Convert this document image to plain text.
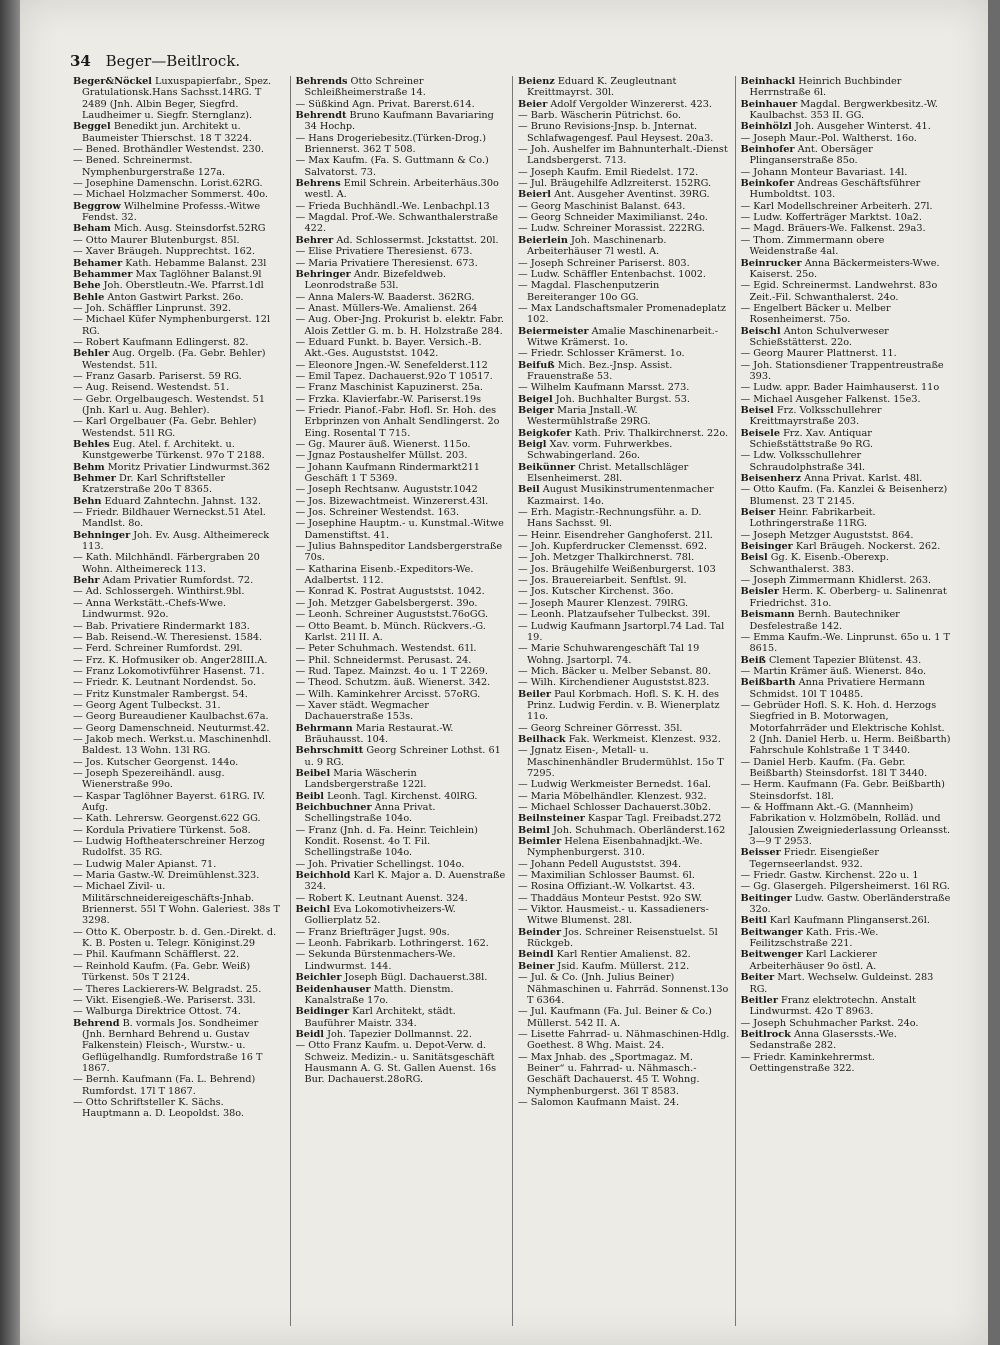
34 Beger—Beitlrock.

Beger&Nöckel Luxuspapierfabr., Spez. Gratulationsk.Hans Sachsst.14RG. T 2489 (Jnh. Albin Beger, Siegfrd. Laudheimer u. Siegfr. Sternglanz).

Beggel Benedikt jun. Architekt u. Baumeister Thierschst. 18 T 3224.

— Bened. Brothändler Westendst. 230.

— Bened. Schreinermst. Nymphenburgerstraße 127a.

— Josephine Damenschn. Lorist.62RG.

— Michael Holzmacher Sommerst. 40o.

Beggrow Wilhelmine Professs.-Witwe Fendst. 32.

Beham Mich. Ausg. Steinsdorfst.52RG

— Otto Maurer Blutenburgst. 85l.

— Xaver Bräugeh. Nupprechtst. 162.

Behamer Kath. Hebamme Balanst. 23l

Behammer Max Taglöhner Balanst.9l

Behe Joh. Oberstleutn.-We. Pfarrst.1dl

Behle Anton Gastwirt Parkst. 26o.

— Joh. Schäffler Linprunst. 392.

— Michael Küfer Nymphenburgerst. 12l RG.

— Robert Kaufmann Edlingerst. 82.

Behler Aug. Orgelb. (Fa. Gebr. Behler) Westendst. 51l.

— Franz Gasarb. Pariserst. 59 RG.

— Aug. Reisend. Westendst. 51.

— Gebr. Orgelbaugesch. Westendst. 51 (Jnh. Karl u. Aug. Behler).

— Karl Orgelbauer (Fa. Gebr. Behler) Westendst. 51l RG.

Behles Eug. Atel. f. Architekt. u. Kunstgewerbe Türkenst. 97o T 2188.

Behm Moritz Privatier Lindwurmst.362

Behmer Dr. Karl Schriftsteller Kratzerstraße 20o T 8365.

Behn Eduard Zahntechn. Jahnst. 132.

— Friedr. Bildhauer Werneckst.51 Atel. Mandlst. 8o.

Behninger Joh. Ev. Ausg. Altheimereck 113.

— Kath. Milchhändl. Färbergraben 20 Wohn. Altheimereck 113.

Behr Adam Privatier Rumfordst. 72.

— Ad. Schlossergeh. Winthirst.9bl.

— Anna Werkstätt.-Chefs-Wwe. Lindwurmst. 92o.

— Bab. Privatiere Rindermarkt 183.

— Bab. Reisend.-W. Theresienst. 1584.

— Ferd. Schreiner Rumfordst. 29l.

— Frz. K. Hofmusiker ob. Anger28III.A.

— Franz Lokomotivführer Hasenst. 71.

— Friedr. K. Leutnant Nordendst. 5o.

— Fritz Kunstmaler Rambergst. 54.

— Georg Agent Tulbeckst. 31.

— Georg Bureaudiener Kaulbachst.67a.

— Georg Damenschneid. Neuturmst.42.

— Jakob mech. Werkst.u. Maschinenhdl. Baldest. 13 Wohn. 13l RG.

— Jos. Kutscher Georgenst. 144o.

— Joseph Spezereihändl. ausg. Wienerstraße 99o.

— Kaspar Taglöhner Bayerst. 61RG. IV. Aufg.

— Kath. Lehrersw. Georgenst.622 GG.

— Kordula Privatiere Türkenst. 5o8.

— Ludwig Hoftheaterschreiner Herzog Rudolfst. 35 RG.

— Ludwig Maler Apianst. 71.

— Maria Gastw.-W. Dreimühlenst.323.

— Michael Zivil- u. Militärschneidereigeschäfts-Jnhab. Briennerst. 55l T Wohn. Galeriest. 38s T 3298.

— Otto K. Oberpostr. b. d. Gen.-Direkt. d. K. B. Posten u. Telegr. Königinst.29

— Phil. Kaufmann Schäfflerst. 22.

— Reinhold Kaufm. (Fa. Gebr. Weiß) Türkenst. 50s T 2124.

— Theres Lackierers-W. Belgradst. 25.

— Vikt. Eisengieß.-We. Pariserst. 33l.

— Walburga Direktrice Ottost. 74.

Behrend B. vormals Jos. Sondheimer (Jnh. Bernhard Behrend u. Gustav Falkenstein) Fleisch-, Wurstw.- u. Geflügelhandlg. Rumfordstraße 16 T 1867.

— Bernh. Kaufmann (Fa. L. Behrend) Rumfordst. 17l T 1867.

— Otto Schriftsteller K. Sächs. Hauptmann a. D. Leopoldst. 38o.

Behrends Otto Schreiner Schleißheimerstraße 14.

— Süßkind Agn. Privat. Barerst.614.

Behrendt Bruno Kaufmann Bavariaring 34 Hochp.

— Hans Drogeriebesitz.(Türken-Drog.) Briennerst. 362 T 508.

— Max Kaufm. (Fa. S. Guttmann & Co.) Salvatorst. 73.

Behrens Emil Schrein. Arbeiterhäus.30o westl. A.

— Frieda Buchhändl.-We. Lenbachpl.13

— Magdal. Prof.-We. Schwanthalerstraße 422.

Behrer Ad. Schlossermst. Jckstattst. 20l.

— Elise Privatiere Theresienst. 673.

— Maria Privatiere Theresienst. 673.

Behringer Andr. Bizefeldweb. Leonrodstraße 53l.

— Anna Malers-W. Baaderst. 362RG.

— Anast. Müllers-We. Amalienst. 264

— Aug. Ober-Jng. Prokurist b. elektr. Fabr. Alois Zettler G. m. b. H. Holzstraße 284.

— Eduard Funkt. b. Bayer. Versich.-B. Akt.-Ges. Auguststst. 1042.

— Eleonore Jngen.-W. Senefelderst.112

— Emil Tapez. Dachauerst.92o T 10517.

— Franz Maschinist Kapuzinerst. 25a.

— Frzka. Klavierfabr.-W. Pariserst.19s

— Friedr. Pianof.-Fabr. Hofl. Sr. Hoh. des Erbprinzen von Anhalt Sendlingerst. 2o Eing. Rosental T 715.

— Gg. Maurer äuß. Wienerst. 115o.

— Jgnaz Postaushelfer Müllst. 203.

— Johann Kaufmann Rindermarkt211 Geschäft 1 T 5369.

— Joseph Rechtsanw. Auguststr.1042

— Jos. Bizewachtmeist. Winzererst.43l.

— Jos. Schreiner Westendst. 163.

— Josephine Hauptm.- u. Kunstmal.-Witwe Damenstiftst. 41.

— Julius Bahnspeditor Landsbergerstraße 70s.

— Katharina Eisenb.-Expeditors-We. Adalbertst. 112.

— Konrad K. Postrat Auguststst. 1042.

— Joh. Metzger Gabelsbergerst. 39o.

— Leonh. Schreiner Auguststst.76oGG.

— Otto Beamt. b. Münch. Rückvers.-G. Karlst. 21l II. A.

— Peter Schuhmach. Westendst. 61l.

— Phil. Schneidermst. Perusast. 24.

— Rud. Tapez. Mainzst. 4o u. 1 T 2269.

— Theod. Schutzm. äuß. Wienerst. 342.

— Wilh. Kaminkehrer Arcisst. 57oRG.

— Xaver städt. Wegmacher Dachauerstraße 153s.

Behrmann Maria Restaurat.-W. Bräuhausst. 104.

Behrschmitt Georg Schreiner Lothst. 61 u. 9 RG.

Beibel Maria Wäscherin Landsbergerstraße 122l.

Beibl Leonh. Tagl. Kirchenst. 40lRG.

Beichbuchner Anna Privat. Schellingstraße 104o.

— Franz (Jnh. d. Fa. Heinr. Teichlein) Kondit. Rosenst. 4o T. Fil. Schellingstraße 104o.

— Joh. Privatier Schellingst. 104o.

Beichhold Karl K. Major a. D. Auenstraße 324.

— Robert K. Leutnant Auenst. 324.

Beichl Eva Lokomotivheizers-W. Gollierplatz 52.

— Franz Briefträger Jugst. 90s.

— Leonh. Fabrikarb. Lothringerst. 162.

— Sekunda Bürstenmachers-We. Lindwurmst. 144.

Beichler Joseph Bügl. Dachauerst.38l.

Beidenhauser Matth. Dienstm. Kanalstraße 17o.

Beidinger Karl Architekt, städt. Bauführer Maistr. 334.

Beidl Joh. Tapezier Dollmannst. 22.

— Otto Franz Kaufm. u. Depot-Verw. d. Schweiz. Medizin.- u. Sanitätsgeschäft Hausmann A. G. St. Gallen Auenst. 16s Bur. Dachauerst.28oRG.

Beienz Eduard K. Zeugleutnant Kreittmayrst. 30l.

Beier Adolf Vergolder Winzererst. 423.

— Barb. Wäscherin Pütrichst. 6o.

— Bruno Revisions-Jnsp. b. Jnternat. Schlafwagengesf. Paul Heysest. 20a3.

— Joh. Aushelfer im Bahnunterhalt.-Dienst Landsbergerst. 713.

— Joseph Kaufm. Emil Riedelst. 172.

— Jul. Bräugehilfe Adlzreiterst. 152RG.

Beierl Ant. Ausgeher Aventinst. 39RG.

— Georg Maschinist Balanst. 643.

— Georg Schneider Maximilianst. 24o.

— Ludw. Schreiner Morassist. 222RG.

Beierlein Joh. Maschinenarb. Arbeiterhäuser 7l westl. A.

— Joseph Schreiner Pariserst. 803.

— Ludw. Schäffler Entenbachst. 1002.

— Magdal. Flaschenputzerin Bereiteranger 10o GG.

— Max Landschaftsmaler Promenadeplatz 102.

Beiermeister Amalie Maschinenarbeit.-Witwe Krämerst. 1o.

— Friedr. Schlosser Krämerst. 1o.

Beifuß Mich. Bez.-Jnsp. Assist. Frauenstraße 53.

— Wilhelm Kaufmann Marsst. 273.

Beigel Joh. Buchhalter Burgst. 53.

Beiger Maria Jnstall.-W. Westermühlstraße 29RG.

Beigkofer Kath. Priv. Thalkirchnerst. 22o.

Beigl Xav. vorm. Fuhrwerkbes. Schwabingerland. 26o.

Beikünner Christ. Metallschläger Elsenheimerst. 28l.

Beil August Musikinstrumentenmacher Kazmairst. 14o.

— Erh. Magistr.-Rechnungsführ. a. D. Hans Sachsst. 9l.

— Heinr. Eisendreher Ganghoferst. 21l.

— Joh. Kupferdrucker Clemensst. 692.

— Joh. Metzger Thalkirchnerst. 78l.

— Jos. Bräugehilfe Weißenburgerst. 103

— Jos. Brauereiarbeit. Senftlst. 9l.

— Jos. Kutscher Kirchenst. 36o.

— Joseph Maurer Klenzest. 79lRG.

— Leonh. Platzaufseher Tulbeckst. 39l.

— Ludwig Kaufmann Jsartorpl.74 Lad. Tal 19.

— Marie Schuhwarengeschäft Tal 19 Wohng. Jsartorpl. 74.

— Mich. Bäcker u. Melber Sebanst. 80.

— Wilh. Kirchendiener Auguststst.823.

Beiler Paul Korbmach. Hofl. S. K. H. des Prinz. Ludwig Ferdin. v. B. Wienerplatz 11o.

— Georg Schreiner Görresst. 35l.

Beilhack Fak. Werkmeist. Klenzest. 932.

— Jgnatz Eisen-, Metall- u. Maschinenhändler Brudermühlst. 15o T 7295.

— Ludwig Werkmeister Bernedst. 16al.

— Maria Möbelhändler. Klenzest. 932.

— Michael Schlosser Dachauerst.30b2.

Beilnsteiner Kaspar Tagl. Freibadst.272

Beiml Joh. Schuhmach. Oberländerst.162

Beimler Helena Eisenbahnadjkt.-We. Nymphenburgerst. 310.

— Johann Pedell Auguststst. 394.

— Maximilian Schlosser Baumst. 6l.

— Rosina Offiziant.-W. Volkartst. 43.

— Thaddäus Monteur Pestst. 92o SW.

— Viktor. Hausmeist.- u. Kassadieners-Witwe Blumenst. 28l.

Beinder Jos. Schreiner Reisenstuelst. 5l Rückgeb.

Beindl Karl Rentier Amalienst. 82.

Beiner Jsid. Kaufm. Müllerst. 212.

— Jul. & Co. (Jnh. Julius Beiner) Nähmaschinen u. Fahrräd. Sonnenst.13o T 6364.

— Jul. Kaufmann (Fa. Jul. Beiner & Co.) Müllerst. 542 II. A.

— Lisette Fahrrad- u. Nähmaschinen-Hdlg. Goethest. 8 Whg. Maist. 24.

— Max Jnhab. des „Sportmagaz. M. Beiner“ u. Fahrrad- u. Nähmasch.-Geschäft Dachauerst. 45 T. Wohng. Nymphenburgerst. 36l T 8583.

— Salomon Kaufmann Maist. 24.

Beinhackl Heinrich Buchbinder Herrnstraße 6l.

Beinhauer Magdal. Bergwerkbesitz.-W. Kaulbachst. 353 II. GG.

Beinhölzl Joh. Ausgeher Winterst. 41.

— Joseph Maur.-Pol. Waltherst. 16o.

Beinhofer Ant. Obersäger Plinganserstraße 85o.

— Johann Monteur Bavariast. 14l.

Beinkofer Andreas Geschäftsführer Humboldtst. 103.

— Karl Modellschreiner Arbeiterh. 27l.

— Ludw. Kofferträger Marktst. 10a2.

— Magd. Bräuers-We. Falkenst. 29a3.

— Thom. Zimmermann obere Weidenstraße 4al.

Beinrucker Anna Bäckermeisters-Wwe. Kaiserst. 25o.

— Egid. Schreinermst. Landwehrst. 83o Zeit.-Fil. Schwanthalerst. 24o.

— Engelbert Bäcker u. Melber Rosenheimerst. 75o.

Beischl Anton Schulverweser Schießstätterst. 22o.

— Georg Maurer Plattnerst. 11.

— Joh. Stationsdiener Trappentreustraße 393.

— Ludw. appr. Bader Haimhauserst. 11o

— Michael Ausgeher Falkenst. 15e3.

Beisel Frz. Volksschullehrer Kreittmayrstraße 203.

Beisele Frz. Xav. Antiquar Schießstättstraße 9o RG.

— Ldw. Volksschullehrer Schraudolphstraße 34l.

Beisenherz Anna Privat. Karlst. 48l.

— Otto Kaufm. (Fa. Kanzlei & Beisenherz) Blumenst. 23 T 2145.

Beiser Heinr. Fabrikarbeit. Lothringerstraße 11RG.

— Joseph Metzger Auguststst. 864.

Beisinger Karl Bräugeh. Nockerst. 262.

Beisl Gg. K. Eisenb.-Oberexp. Schwanthalerst. 383.

— Joseph Zimmermann Khidlerst. 263.

Beisler Herm. K. Oberberg- u. Salinenrat Friedrichst. 31o.

Beismann Bernh. Bautechniker Desfelestraße 142.

— Emma Kaufm.-We. Linprunst. 65o u. 1 T 8615.

Beiß Clement Tapezier Blütenst. 43.

— Martin Krämer äuß. Wienerst. 84o.

Beißbarth Anna Privatiere Hermann Schmidst. 10l T 10485.

— Gebrüder Hofl. S. K. Hoh. d. Herzogs Siegfried in B. Motorwagen, Motorfahrräder und Elektrische Kohlst. 2 (Jnh. Daniel Herb. u. Herm. Beißbarth) Fahrschule Kohlstraße 1 T 3440.

— Daniel Herb. Kaufm. (Fa. Gebr. Beißbarth) Steinsdorfst. 18l T 3440.

— Herm. Kaufmann (Fa. Gebr. Beißbarth) Steinsdorfst. 18l.

— & Hoffmann Akt.-G. (Mannheim) Fabrikation v. Holzmöbeln, Rolläd. und Jalousien Zweigniederlassung Orleansst. 3—9 T 2953.

Beisser Friedr. Eisengießer Tegernseerlandst. 932.

— Friedr. Gastw. Kirchenst. 22o u. 1

— Gg. Glasergeh. Pilgersheimerst. 16l RG.

Beitinger Ludw. Gastw. Oberländerstraße 32o.

Beitl Karl Kaufmann Plinganserst.26l.

Beitwanger Kath. Fris.-We. Feilitzschstraße 221.

Beitwenger Karl Lackierer Arbeiterhäuser 9o östl. A.

Beiter Mart. Wechselw. Guldeinst. 283 RG.

Beitler Franz elektrotechn. Anstalt Lindwurmst. 42o T 8963.

— Joseph Schuhmacher Parkst. 24o.

Beitlrock Anna Glaserssts.-We. Sedanstraße 282.

— Friedr. Kaminkehrermst. Oettingenstraße 322.
